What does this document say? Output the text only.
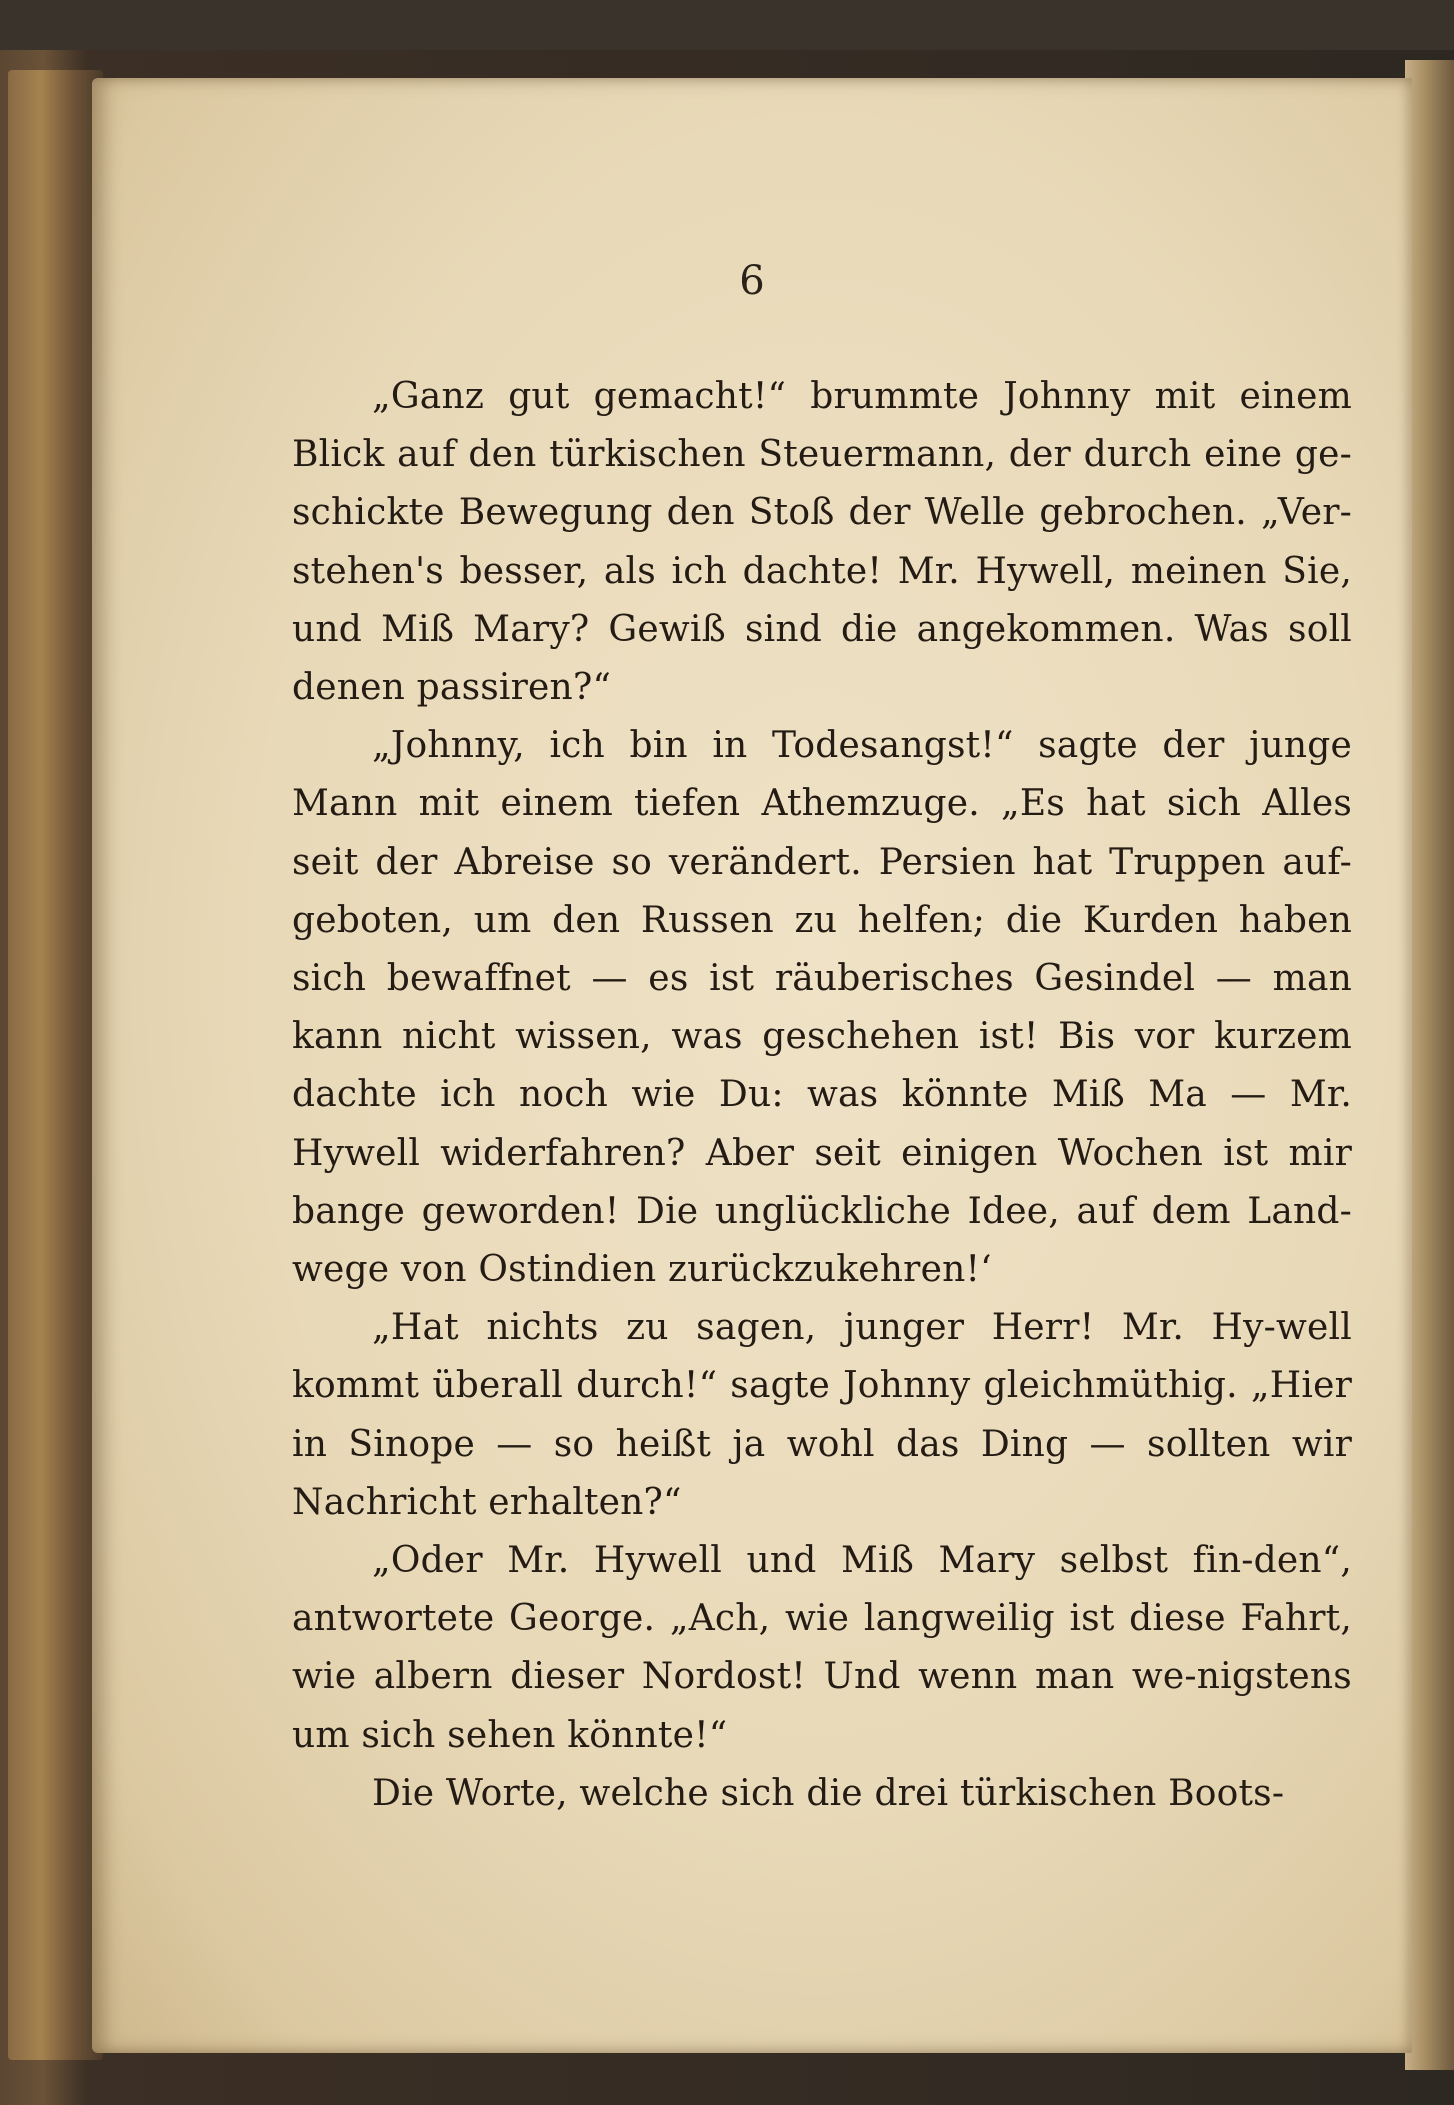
6

„Ganz gut gemacht!“ brummte Johnny mit einem Blick auf den türkischen Steuermann, der durch eine ge-schickte Bewegung den Stoß der Welle gebrochen. „Ver-stehen's besser, als ich dachte! Mr. Hywell, meinen Sie, und Miß Mary? Gewiß sind die angekommen. Was soll denen passiren?“

„Johnny, ich bin in Todesangst!“ sagte der junge Mann mit einem tiefen Athemzuge. „Es hat sich Alles seit der Abreise so verändert. Persien hat Truppen auf-geboten, um den Russen zu helfen; die Kurden haben sich bewaffnet — es ist räuberisches Gesindel — man kann nicht wissen, was geschehen ist! Bis vor kurzem dachte ich noch wie Du: was könnte Miß Ma — Mr. Hywell widerfahren? Aber seit einigen Wochen ist mir bange geworden! Die unglückliche Idee, auf dem Land-wege von Ostindien zurückzukehren!‘

„Hat nichts zu sagen, junger Herr! Mr. Hy-well kommt überall durch!“ sagte Johnny gleichmüthig. „Hier in Sinope — so heißt ja wohl das Ding — sollten wir Nachricht erhalten?“

„Oder Mr. Hywell und Miß Mary selbst fin-den“, antwortete George. „Ach, wie langweilig ist diese Fahrt, wie albern dieser Nordost! Und wenn man we-nigstens um sich sehen könnte!“

Die Worte, welche sich die drei türkischen Boots-
